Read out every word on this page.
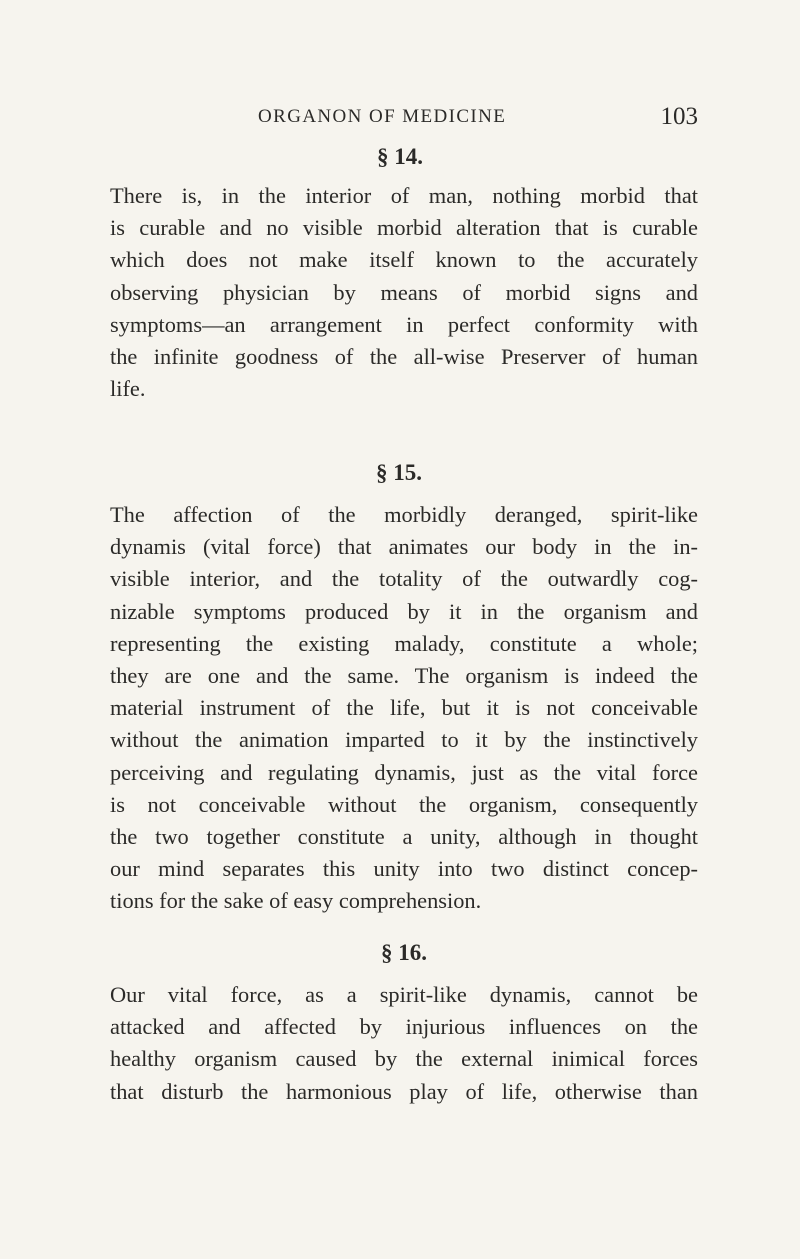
ORGANON OF MEDICINE	103
§ 14.
There is, in the interior of man, nothing morbid that
is curable and no visible morbid alteration that is curable
which does not make itself known to the accurately
observing physician by means of morbid signs and
symptoms—an arrangement in perfect conformity with
the infinite goodness of the all-wise Preserver of human
life.
§ 15.
The affection of the morbidly deranged, spirit-like
dynamis (vital force) that animates our body in the in-
visible interior, and the totality of the outwardly cog-
nizable symptoms produced by it in the organism and
representing the existing malady, constitute a whole;
they are one and the same. The organism is indeed the
material instrument of the life, but it is not conceivable
without the animation imparted to it by the instinctively
perceiving and regulating dynamis, just as the vital force
is not conceivable without the organism, consequently
the two together constitute a unity, although in thought
our mind separates this unity into two distinct concep-
tions for the sake of easy comprehension.
§ 16.
Our vital force, as a spirit-like dynamis, cannot be
attacked and affected by injurious influences on the
healthy organism caused by the external inimical forces
that disturb the harmonious play of life, otherwise than
